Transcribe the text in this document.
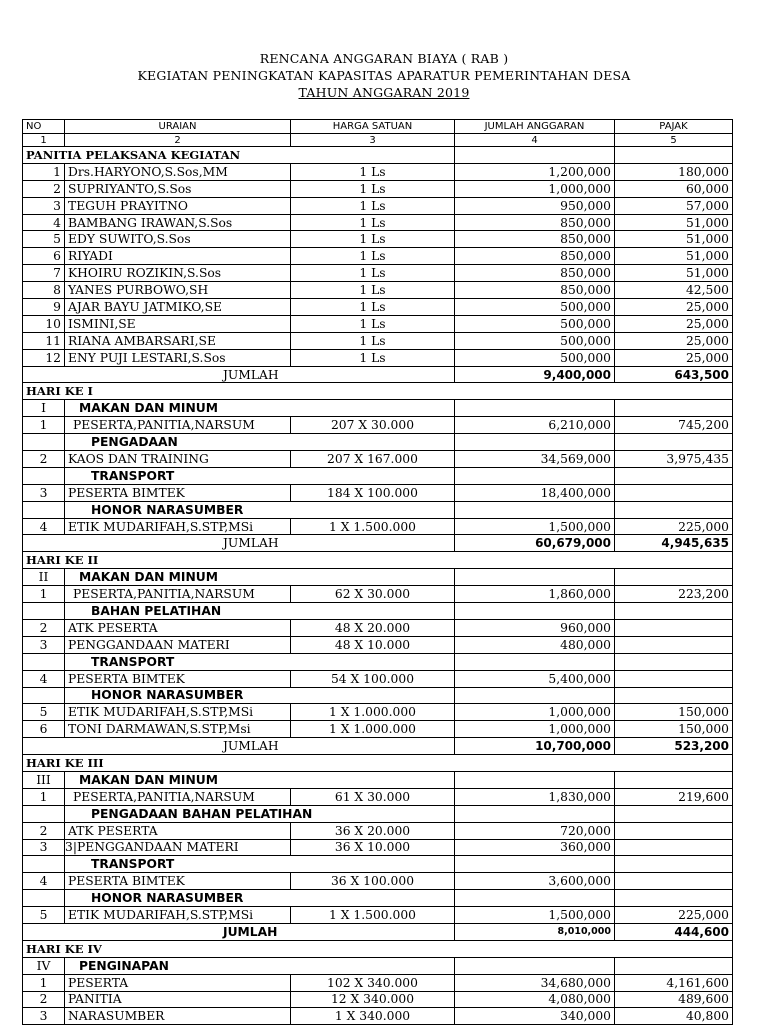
RENCANA ANGGARAN BIAYA ( RAB )
KEGIATAN PENINGKATAN KAPASITAS APARATUR PEMERINTAHAN DESA
TAHUN ANGGARAN 2019
NO	URAIAN	HARGA SATUAN	JUMLAH ANGGARAN	PAJAK
1	2	3	4	5
PANITIA PELAKSANA KEGIATAN				
1	Drs.HARYONO,S.Sos,MM	1 Ls	1,200,000	180,000
2	SUPRIYANTO,S.Sos	1 Ls	1,000,000	60,000
3	TEGUH PRAYITNO	1 Ls	950,000	57,000
4	BAMBANG IRAWAN,S.Sos	1 Ls	850,000	51,000
5	EDY SUWITO,S.Sos	1 Ls	850,000	51,000
6	RIYADI	1 Ls	850,000	51,000
7	KHOIRU ROZIKIN,S.Sos	1 Ls	850,000	51,000
8	YANES PURBOWO,SH	1 Ls	850,000	42,500
9	AJAR BAYU JATMIKO,SE	1 Ls	500,000	25,000
10	ISMINI,SE	1 Ls	500,000	25,000
11	RIANA AMBARSARI,SE	1 Ls	500,000	25,000
12	ENY PUJI LESTARI,S.Sos	1 Ls	500,000	25,000
JUMLAH			9,400,000	643,500
HARI KE I				
I	MAKAN DAN MINUM			
1	PESERTA,PANITIA,NARSUM	207 X 30.000	6,210,000	745,200
	PENGADAAN			
2	KAOS DAN TRAINING	207 X 167.000	34,569,000	3,975,435
	TRANSPORT			
3	PESERTA BIMTEK	184 X 100.000	18,400,000	
	HONOR NARASUMBER			
4	ETIK MUDARIFAH,S.STP,MSi	1 X 1.500.000	1,500,000	225,000
JUMLAH			60,679,000	4,945,635
HARI KE II				
II	MAKAN DAN MINUM			
1	PESERTA,PANITIA,NARSUM	62 X 30.000	1,860,000	223,200
	BAHAN PELATIHAN			
2	ATK PESERTA	48 X 20.000	960,000	
3	PENGGANDAAN MATERI	48 X 10.000	480,000	
	TRANSPORT			
4	PESERTA BIMTEK	54 X 100.000	5,400,000	
	HONOR NARASUMBER			
5	ETIK MUDARIFAH,S.STP,MSi	1 X 1.000.000	1,000,000	150,000
6	TONI DARMAWAN,S.STP,Msi	1 X 1.000.000	1,000,000	150,000
JUMLAH			10,700,000	523,200
HARI KE III				
III	MAKAN DAN MINUM			
1	PESERTA,PANITIA,NARSUM	61 X 30.000	1,830,000	219,600
	PENGADAAN BAHAN PELATIHAN			
2	ATK PESERTA	36 X 20.000	720,000	
3	3|PENGGANDAAN MATERI	36 X 10.000	360,000	
	TRANSPORT			
4	PESERTA BIMTEK	36 X 100.000	3,600,000	
	HONOR NARASUMBER			
5	ETIK MUDARIFAH,S.STP,MSi	1 X 1.500.000	1,500,000	225,000
JUMLAH			8,010,000	444,600
HARI KE IV				
IV	PENGINAPAN			
1	PESERTA	102 X 340.000	34,680,000	4,161,600
2	PANITIA	12 X 340.000	4,080,000	489,600
3	NARASUMBER	1 X 340.000	340,000	40,800
